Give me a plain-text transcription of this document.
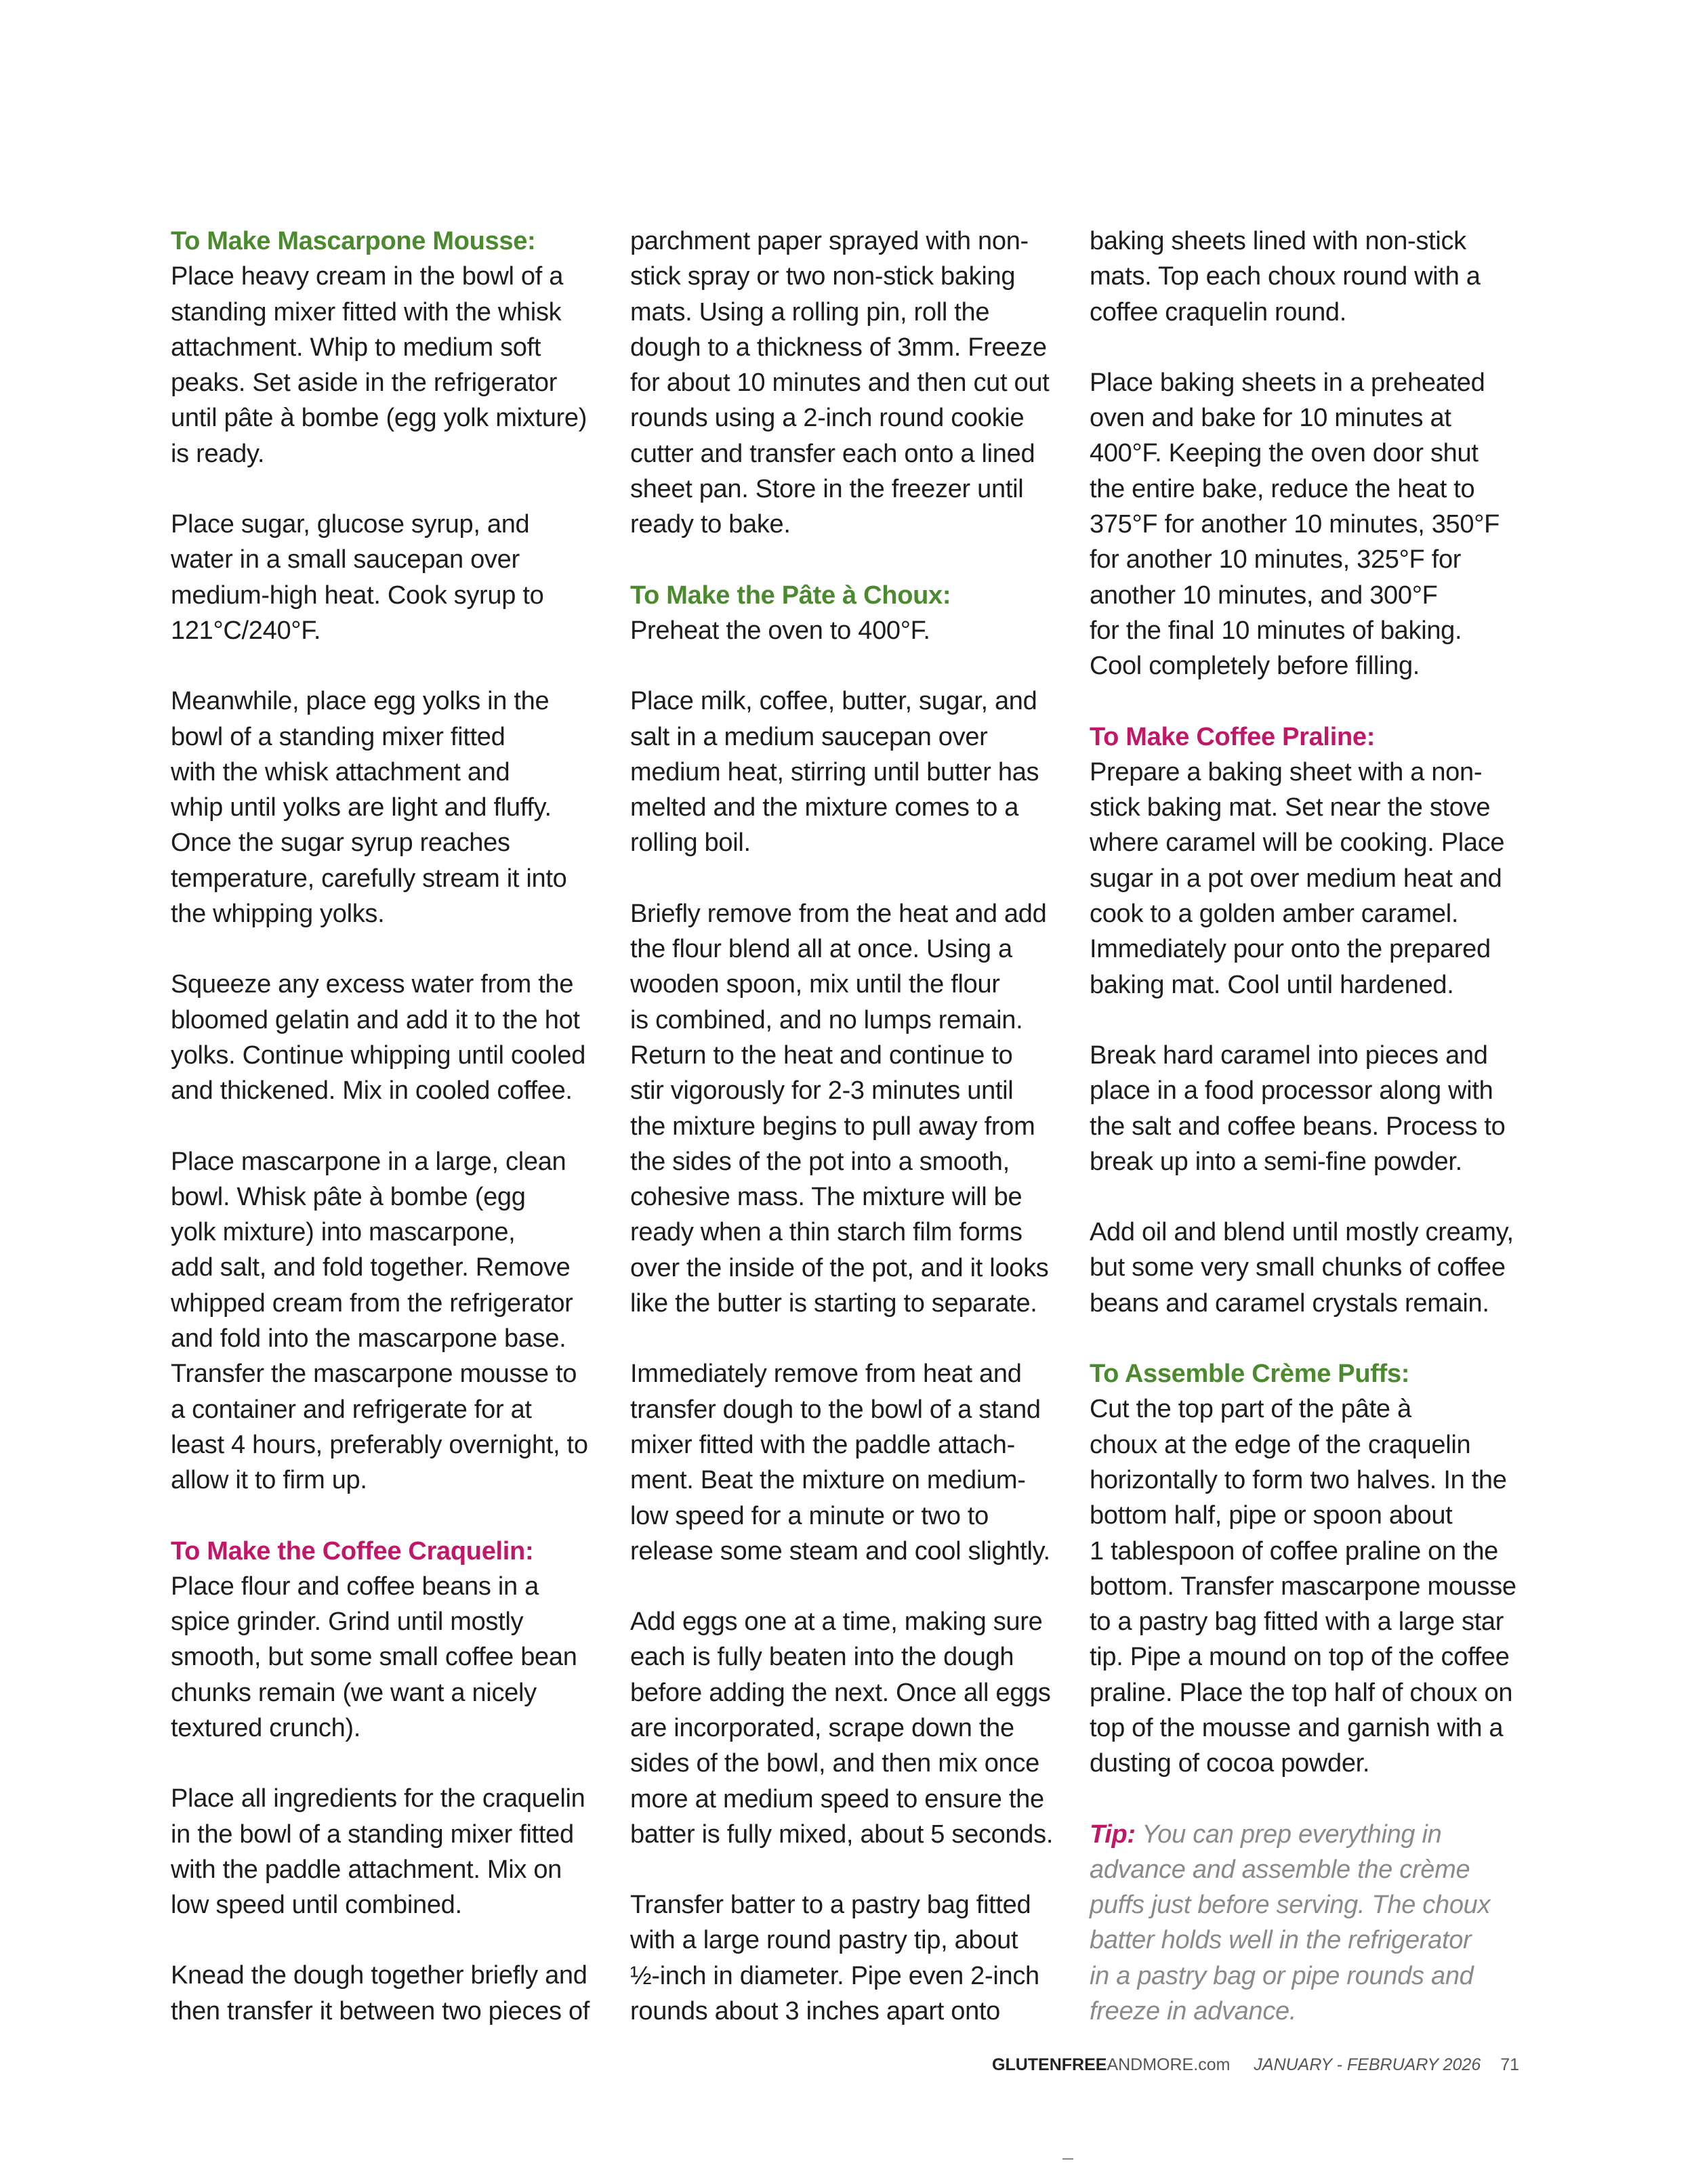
To Make Mascarpone Mousse:
Place heavy cream in the bowl of a
standing mixer fitted with the whisk
attachment. Whip to medium soft
peaks. Set aside in the refrigerator
until pâte à bombe (egg yolk mixture)
is ready.

Place sugar, glucose syrup, and
water in a small saucepan over
medium-high heat. Cook syrup to
121°C/240°F.

Meanwhile, place egg yolks in the
bowl of a standing mixer fitted
with the whisk attachment and
whip until yolks are light and fluffy.
Once the sugar syrup reaches
temperature, carefully stream it into
the whipping yolks.

Squeeze any excess water from the
bloomed gelatin and add it to the hot
yolks. Continue whipping until cooled
and thickened. Mix in cooled coffee.

Place mascarpone in a large, clean
bowl. Whisk pâte à bombe (egg
yolk mixture) into mascarpone,
add salt, and fold together. Remove
whipped cream from the refrigerator
and fold into the mascarpone base.
Transfer the mascarpone mousse to
a container and refrigerate for at
least 4 hours, preferably overnight, to
allow it to firm up.

To Make the Coffee Craquelin:
Place flour and coffee beans in a
spice grinder. Grind until mostly
smooth, but some small coffee bean
chunks remain (we want a nicely
textured crunch).

Place all ingredients for the craquelin
in the bowl of a standing mixer fitted
with the paddle attachment. Mix on
low speed until combined.

Knead the dough together briefly and
then transfer it between two pieces of

parchment paper sprayed with non-
stick spray or two non-stick baking
mats. Using a rolling pin, roll the
dough to a thickness of 3mm. Freeze
for about 10 minutes and then cut out
rounds using a 2-inch round cookie
cutter and transfer each onto a lined
sheet pan. Store in the freezer until
ready to bake.

To Make the Pâte à Choux:
Preheat the oven to 400°F.

Place milk, coffee, butter, sugar, and
salt in a medium saucepan over
medium heat, stirring until butter has
melted and the mixture comes to a
rolling boil.

Briefly remove from the heat and add
the flour blend all at once. Using a
wooden spoon, mix until the flour
is combined, and no lumps remain.
Return to the heat and continue to
stir vigorously for 2-3 minutes until
the mixture begins to pull away from
the sides of the pot into a smooth,
cohesive mass. The mixture will be
ready when a thin starch film forms
over the inside of the pot, and it looks
like the butter is starting to separate.

Immediately remove from heat and
transfer dough to the bowl of a stand
mixer fitted with the paddle attach-
ment. Beat the mixture on medium-
low speed for a minute or two to
release some steam and cool slightly.

Add eggs one at a time, making sure
each is fully beaten into the dough
before adding the next. Once all eggs
are incorporated, scrape down the
sides of the bowl, and then mix once
more at medium speed to ensure the
batter is fully mixed, about 5 seconds.

Transfer batter to a pastry bag fitted
with a large round pastry tip, about
½-inch in diameter. Pipe even 2-inch
rounds about 3 inches apart onto

baking sheets lined with non-stick
mats. Top each choux round with a
coffee craquelin round.

Place baking sheets in a preheated
oven and bake for 10 minutes at
400°F. Keeping the oven door shut
the entire bake, reduce the heat to
375°F for another 10 minutes, 350°F
for another 10 minutes, 325°F for
another 10 minutes, and 300°F
for the final 10 minutes of baking.
Cool completely before filling.

To Make Coffee Praline:
Prepare a baking sheet with a non-
stick baking mat. Set near the stove
where caramel will be cooking. Place
sugar in a pot over medium heat and
cook to a golden amber caramel.
Immediately pour onto the prepared
baking mat. Cool until hardened.

Break hard caramel into pieces and
place in a food processor along with
the salt and coffee beans. Process to
break up into a semi-fine powder.

Add oil and blend until mostly creamy,
but some very small chunks of coffee
beans and caramel crystals remain.

To Assemble Crème Puffs:
Cut the top part of the pâte à
choux at the edge of the craquelin
horizontally to form two halves. In the
bottom half, pipe or spoon about
1 tablespoon of coffee praline on the
bottom. Transfer mascarpone mousse
to a pastry bag fitted with a large star
tip. Pipe a mound on top of the coffee
praline. Place the top half of choux on
top of the mousse and garnish with a
dusting of cocoa powder.

Tip: You can prep everything in
advance and assemble the crème
puffs just before serving. The choux
batter holds well in the refrigerator
in a pastry bag or pipe rounds and
freeze in advance.

GLUTENFREEANDMORE.com JANUARY - FEBRUARY 2026 71
